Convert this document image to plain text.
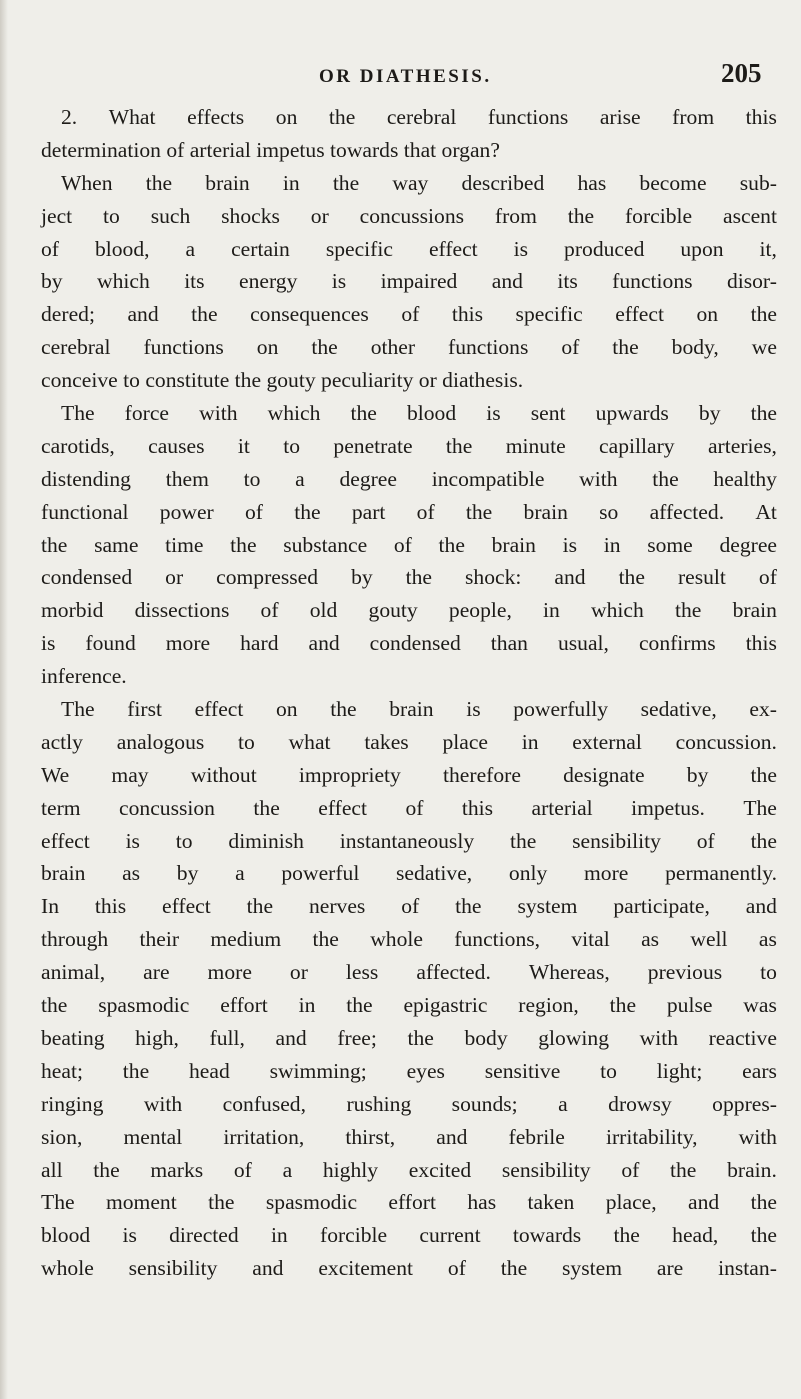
OR DIATHESIS.	205
2. What effects on the cerebral functions arise from this
determination of arterial impetus towards that organ?
When the brain in the way described has become sub-
ject to such shocks or concussions from the forcible ascent
of blood, a certain specific effect is produced upon it,
by which its energy is impaired and its functions disor-
dered; and the consequences of this specific effect on the
cerebral functions on the other functions of the body, we
conceive to constitute the gouty peculiarity or diathesis.
The force with which the blood is sent upwards by the
carotids, causes it to penetrate the minute capillary arteries,
distending them to a degree incompatible with the healthy
functional power of the part of the brain so affected. At
the same time the substance of the brain is in some degree
condensed or compressed by the shock: and the result of
morbid dissections of old gouty people, in which the brain
is found more hard and condensed than usual, confirms this
inference.
The first effect on the brain is powerfully sedative, ex-
actly analogous to what takes place in external concussion.
We may without impropriety therefore designate by the
term concussion the effect of this arterial impetus. The
effect is to diminish instantaneously the sensibility of the
brain as by a powerful sedative, only more permanently.
In this effect the nerves of the system participate, and
through their medium the whole functions, vital as well as
animal, are more or less affected. Whereas, previous to
the spasmodic effort in the epigastric region, the pulse was
beating high, full, and free; the body glowing with reactive
heat; the head swimming; eyes sensitive to light; ears
ringing with confused, rushing sounds; a drowsy oppres-
sion, mental irritation, thirst, and febrile irritability, with
all the marks of a highly excited sensibility of the brain.
The moment the spasmodic effort has taken place, and the
blood is directed in forcible current towards the head, the
whole sensibility and excitement of the system are instan-
